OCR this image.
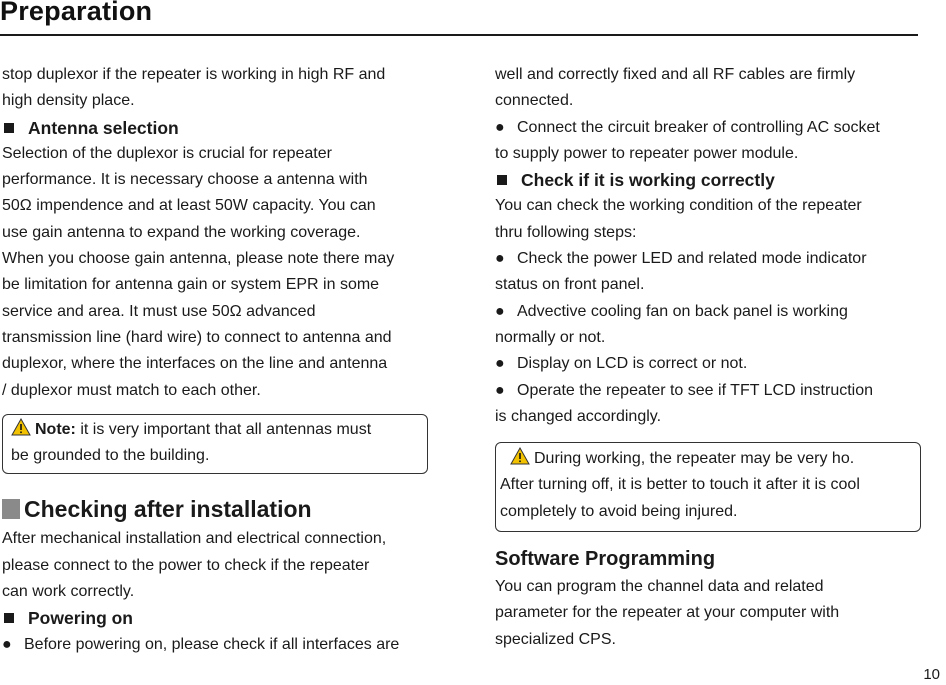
Preparation
stop duplexor if the repeater is working in high RF and
high density place.
Antenna selection
Selection of the duplexor is crucial for repeater
performance. It is necessary choose a antenna with
50Ω impendence and at least 50W capacity. You can
use gain antenna to expand the working coverage.
When you choose gain antenna, please note there may
be limitation for antenna gain or system EPR in some
service and area. It must use 50Ω advanced
transmission line (hard wire) to connect to antenna and
duplexor, where the interfaces on the line and antenna
/ duplexor must match to each other.
Note: it is very important that all antennas must
be grounded to the building.
Checking after installation
After mechanical installation and electrical connection,
please connect to the power to check if the repeater
can work correctly.
Powering on
● Before powering on, please check if all interfaces are
well and correctly fixed and all RF cables are firmly
connected.
● Connect the circuit breaker of controlling AC socket
to supply power to repeater power module.
Check if it is working correctly
You can check the working condition of the repeater
thru following steps:
● Check the power LED and related mode indicator
status on front panel.
● Advective cooling fan on back panel is working
normally or not.
● Display on LCD is correct or not.
● Operate the repeater to see if TFT LCD instruction
is changed accordingly.
During working, the repeater may be very ho.
After turning off, it is better to touch it after it is cool
completely to avoid being injured.
Software Programming
You can program the channel data and related
parameter for the repeater at your computer with
specialized CPS.
10
